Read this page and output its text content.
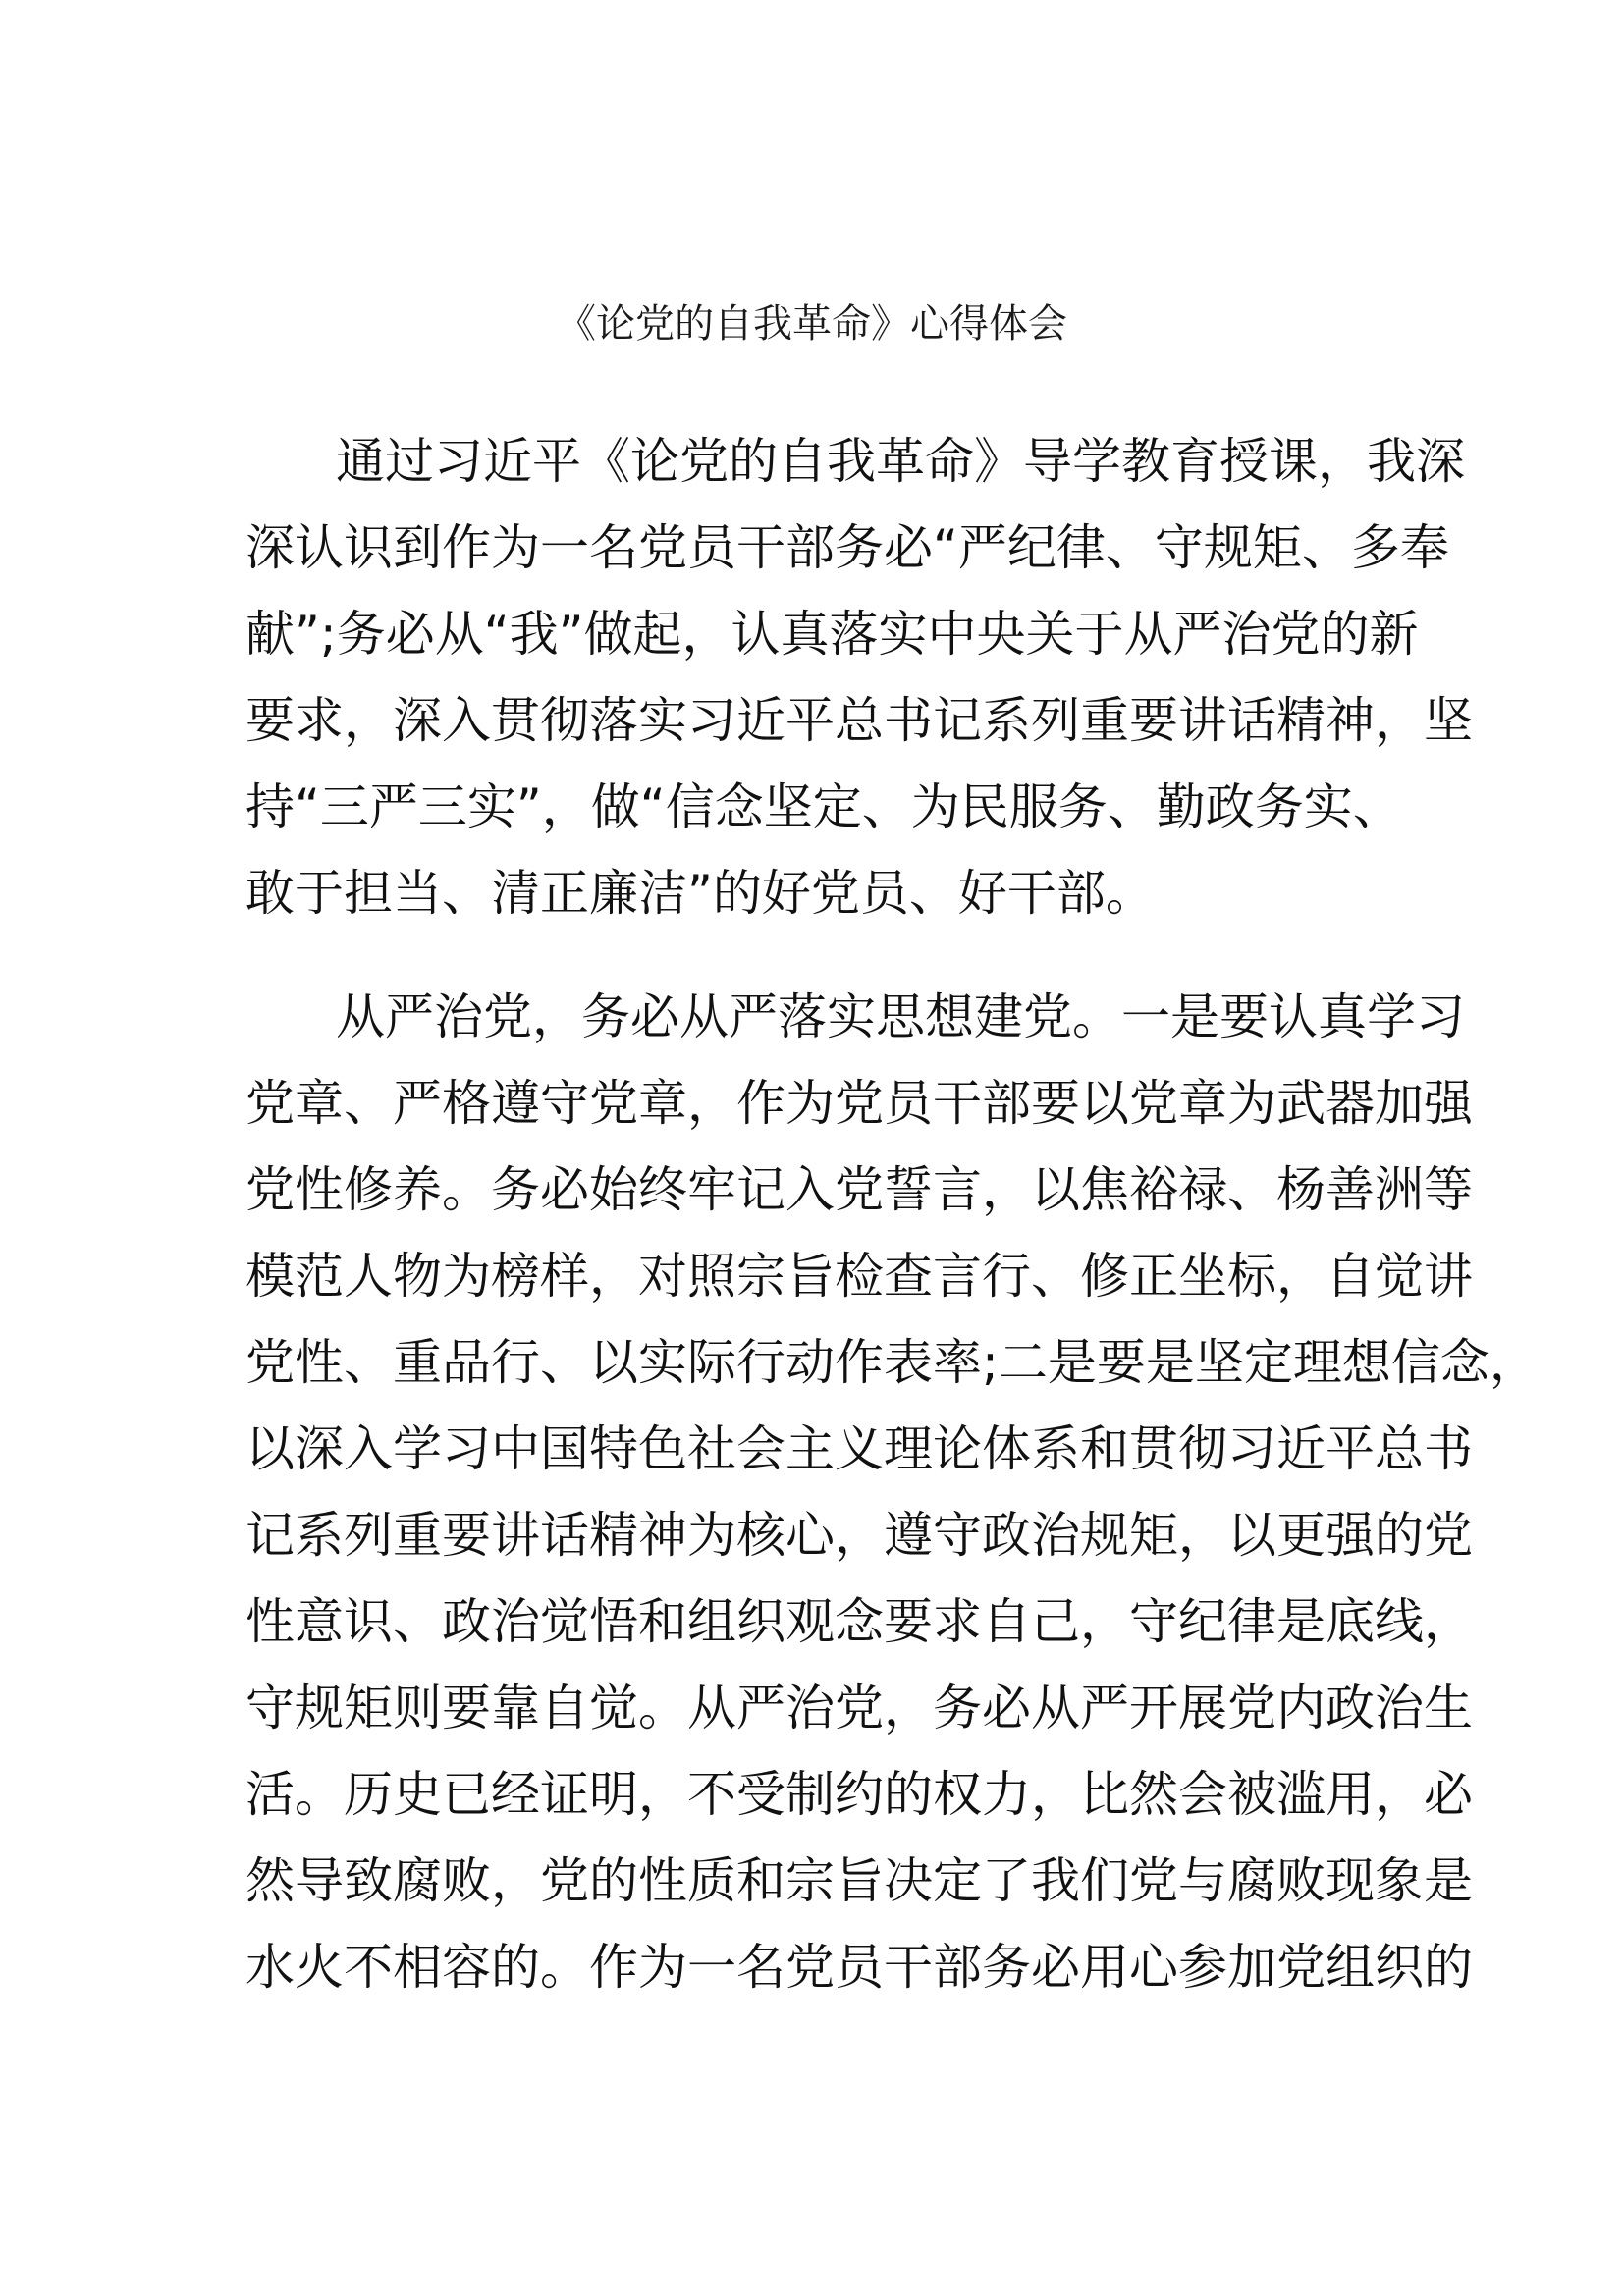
《论党的自我革命》心得体会
通过习近平《论党的自我革命》导学教育授课，我深
深认识到作为一名党员干部务必“严纪律、守规矩、多奉
献”;务必从“我”做起，认真落实中央关于从严治党的新
要求，深入贯彻落实习近平总书记系列重要讲话精神，坚
持“三严三实”，做“信念坚定、为民服务、勤政务实、
敢于担当、清正廉洁”的好党员、好干部。
从严治党，务必从严落实思想建党。一是要认真学习
党章、严格遵守党章，作为党员干部要以党章为武器加强
党性修养。务必始终牢记入党誓言，以焦裕禄、杨善洲等
模范人物为榜样，对照宗旨检查言行、修正坐标，自觉讲
党性、重品行、以实际行动作表率;二是要是坚定理想信念，
以深入学习中国特色社会主义理论体系和贯彻习近平总书
记系列重要讲话精神为核心，遵守政治规矩，以更强的党
性意识、政治觉悟和组织观念要求自己，守纪律是底线，
守规矩则要靠自觉。从严治党，务必从严开展党内政治生
活。历史已经证明，不受制约的权力，比然会被滥用，必
然导致腐败，党的性质和宗旨决定了我们党与腐败现象是
水火不相容的。作为一名党员干部务必用心参加党组织的
